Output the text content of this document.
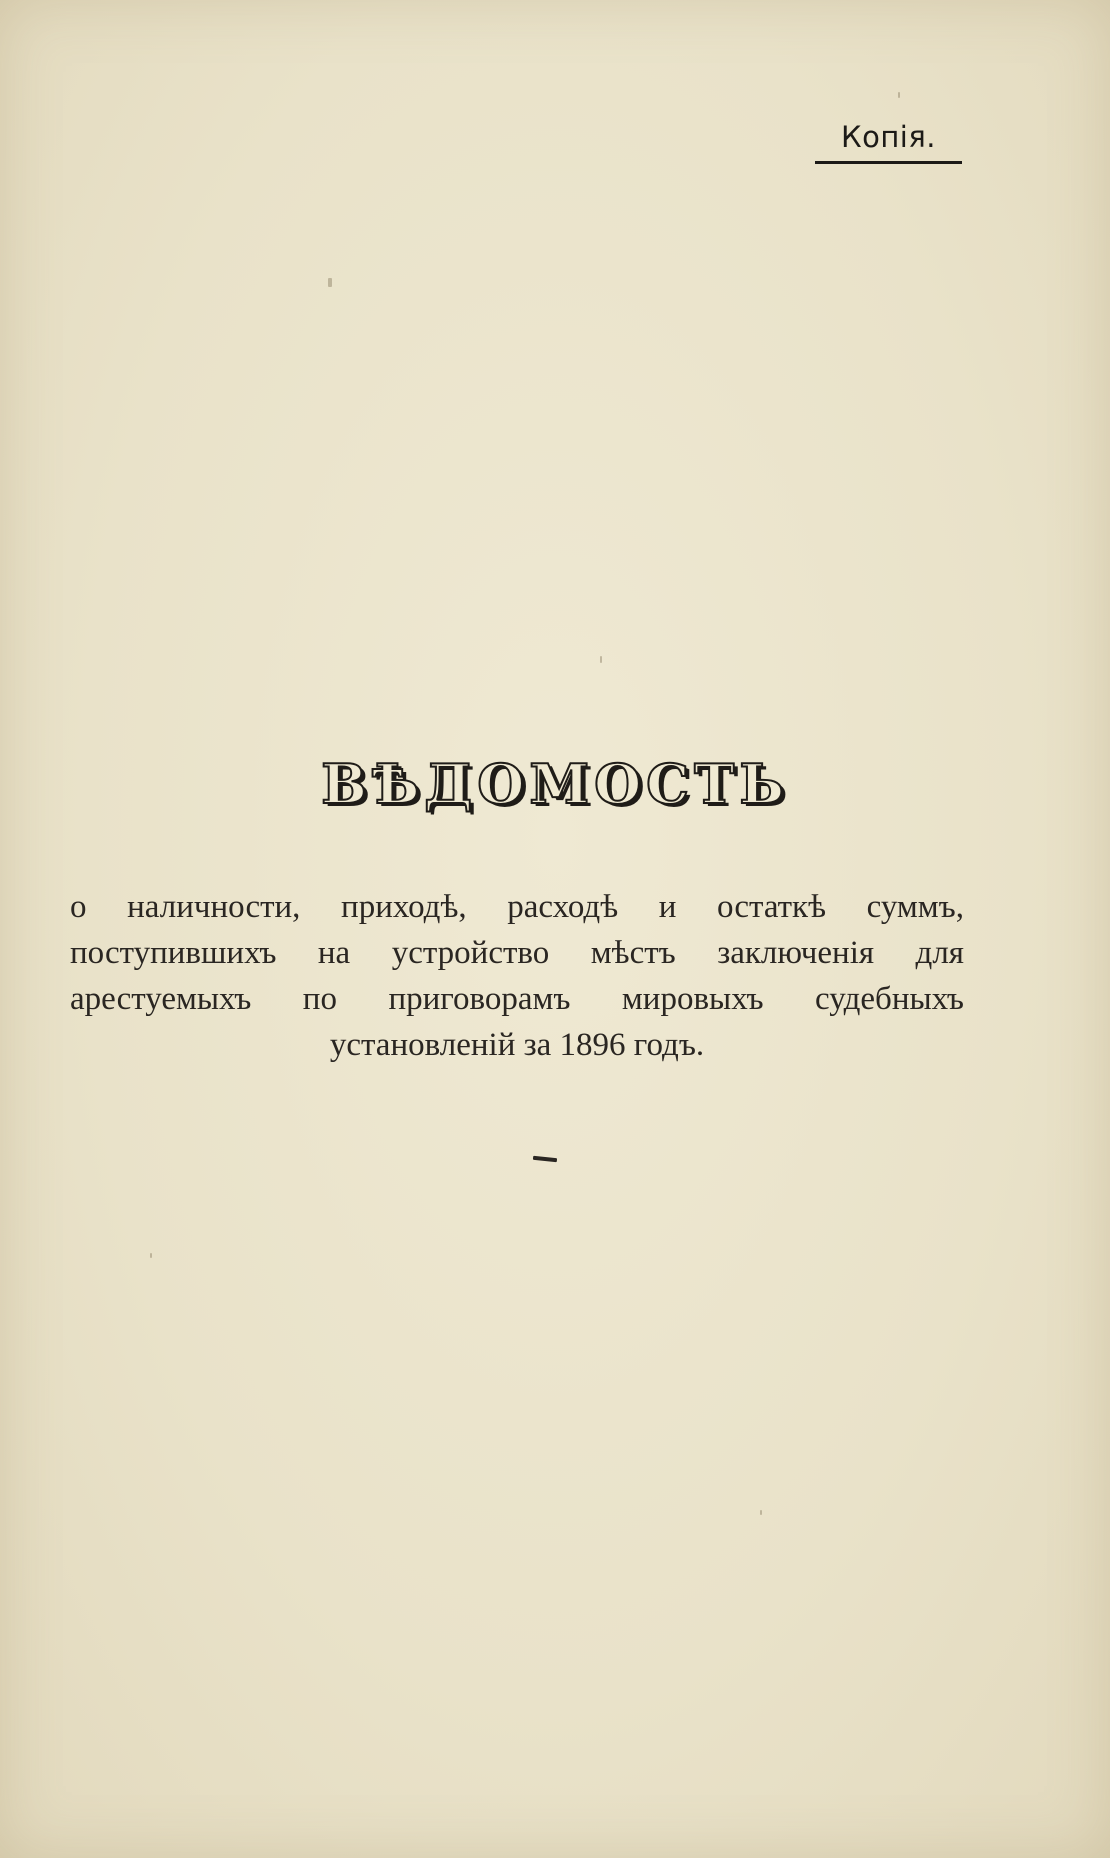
Копія.
ВѢДОМОСТЬ
о наличности, приходѣ, расходѣ и остаткѣ суммъ, поступившихъ на устройство мѣстъ заключенія для арестуемыхъ по приговорамъ мировыхъ судебныхъ установленій за 1896 годъ.
